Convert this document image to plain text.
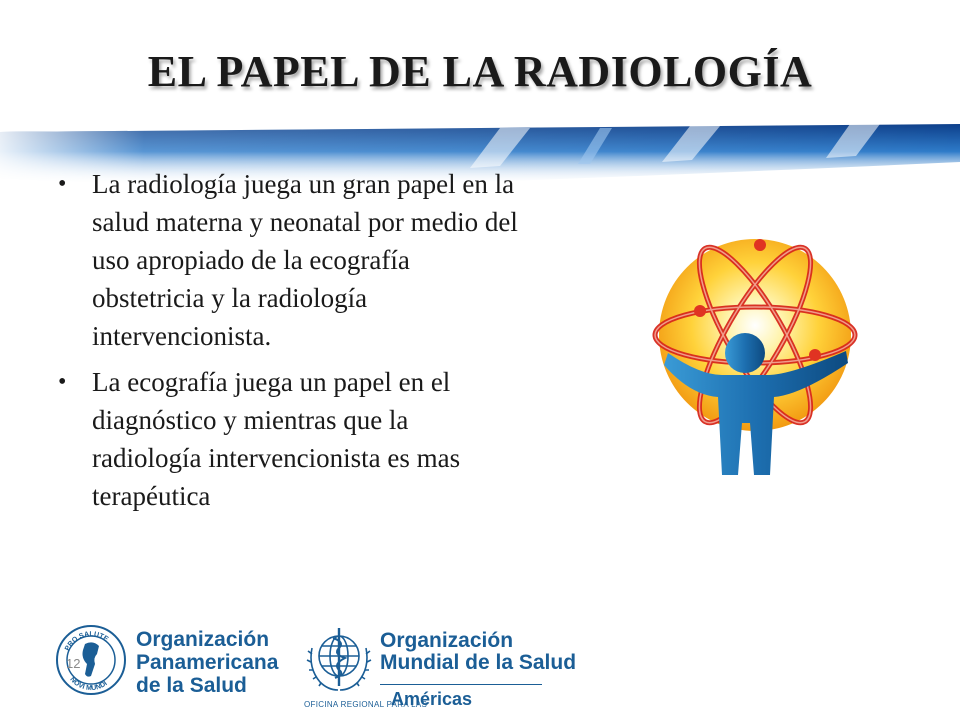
EL PAPEL DE LA RADIOLOGÍA
• La radiología juega un gran papel en la salud materna y neonatal por medio del uso apropiado de la ecografía obstetricia y la radiología intervencionista.
• La ecografía juega un papel en el diagnóstico y mientras que la radiología intervencionista es mas terapéutica
PRO SALUTE
NOVI MUNDI
12
Organización
Panamericana
de la Salud
Organización
Mundial de la Salud
OFICINA REGIONAL PARA LAS
Américas
